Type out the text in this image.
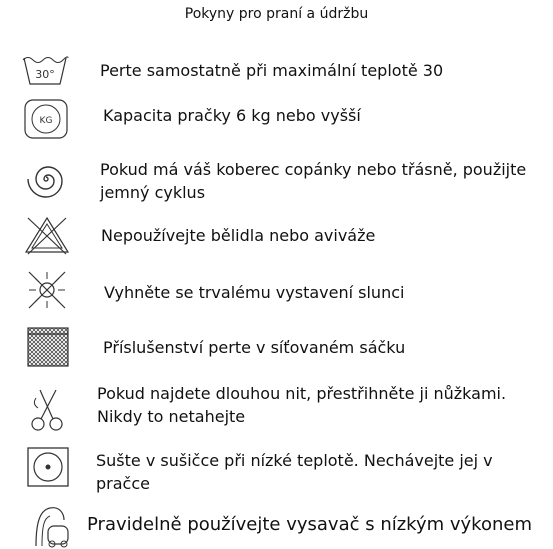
Pokyny pro praní a údržbu
30°	Perte samostatně při maximální teplotě 30
KG	Kapacita pračky 6 kg nebo vyšší
Pokud má váš koberec copánky nebo třásně, použijte jemný cyklus
Nepoužívejte bělidla nebo aviváže
Vyhněte se trvalému vystavení slunci
Příslušenství perte v síťovaném sáčku
Pokud najdete dlouhou nit, přestřihněte ji nůžkami. Nikdy to netahejte
Sušte v sušičce při nízké teplotě. Nechávejte jej v pračce
Pravidelně používejte vysavač s nízkým výkonem
